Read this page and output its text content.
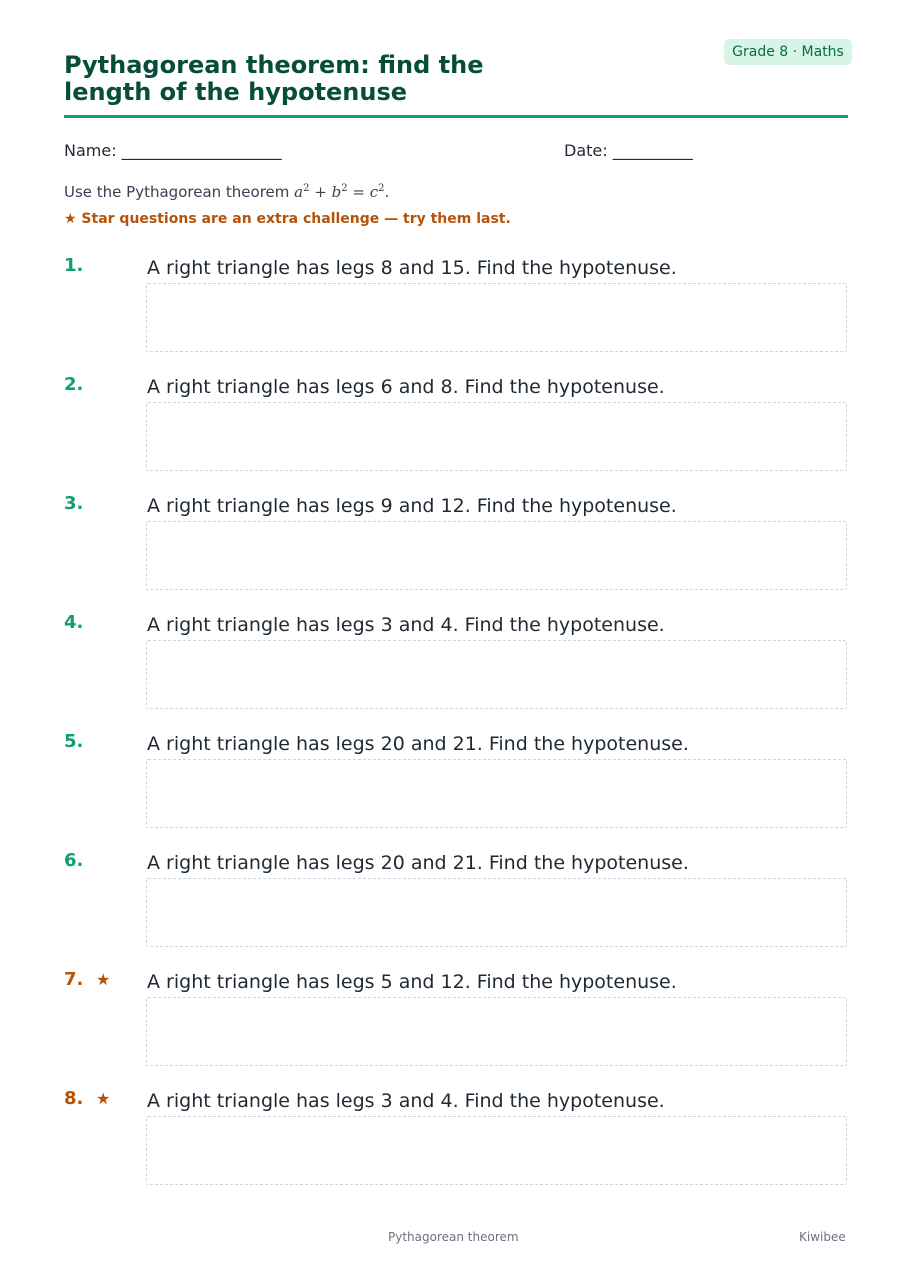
Grade 8 · Maths
Pythagorean theorem: find the
length of the hypotenuse
Name: ____________________	Date: __________
Use the Pythagorean theorem $a^2 + b^2 = c^2$.
★ Star questions are an extra challenge — try them last.
1.	A right triangle has legs 8 and 15. Find the hypotenuse.
2.	A right triangle has legs 6 and 8. Find the hypotenuse.
3.	A right triangle has legs 9 and 12. Find the hypotenuse.
4.	A right triangle has legs 3 and 4. Find the hypotenuse.
5.	A right triangle has legs 20 and 21. Find the hypotenuse.
6.	A right triangle has legs 20 and 21. Find the hypotenuse.
7. ★ A right triangle has legs 5 and 12. Find the hypotenuse.
8. ★ A right triangle has legs 3 and 4. Find the hypotenuse.
Pythagorean theorem	Kiwibee
